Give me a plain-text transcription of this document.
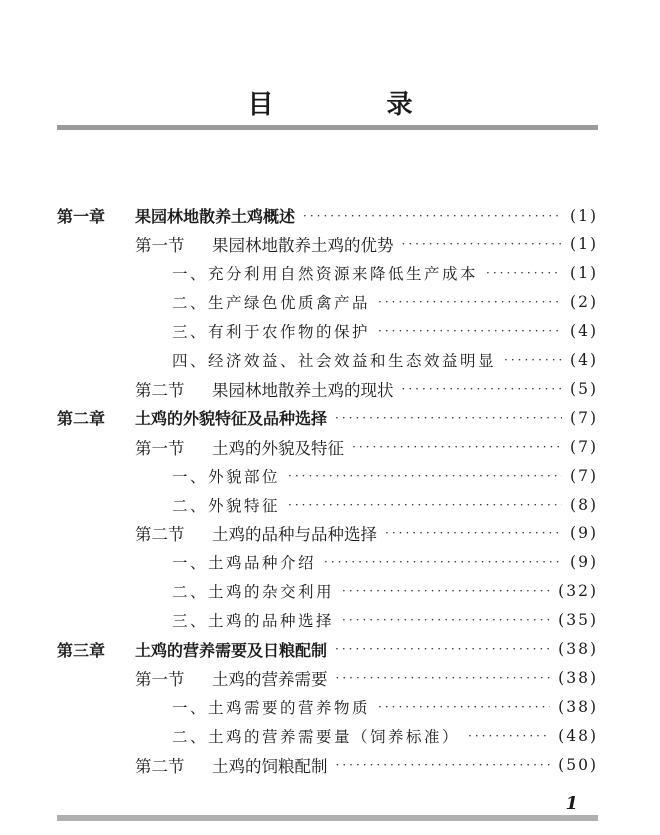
目 录
第一章	果园林地散养土鸡概述 ·····	(1)
第一节	果园林地散养土鸡的优势 ·····	(1)
一、 充分利用自然资源来降低生产成本 ·····	(1)
二、 生产绿色优质禽产品 ·····	(2)
三、 有利于农作物的保护 ·····	(4)
四、 经济效益、社会效益和生态效益明显 ·····	(4)
第二节	果园林地散养土鸡的现状 ·····	(5)
第二章	土鸡的外貌特征及品种选择 ·····	(7)
第一节	土鸡的外貌及特征 ·····	(7)
一、 外貌部位 ·····	(7)
二、 外貌特征 ·····	(8)
第二节	土鸡的品种与品种选择 ·····	(9)
一、 土鸡品种介绍 ·····	(9)
二、 土鸡的杂交利用 ·····	(32)
三、 土鸡的品种选择 ·····	(35)
第三章	土鸡的营养需要及日粮配制 ·····	(38)
第一节	土鸡的营养需要 ·····	(38)
一、 土鸡需要的营养物质 ·····	(38)
二、 土鸡的营养需要量（饲养标准） ·····	(48)
第二节	土鸡的饲粮配制 ·····	(50)
1
